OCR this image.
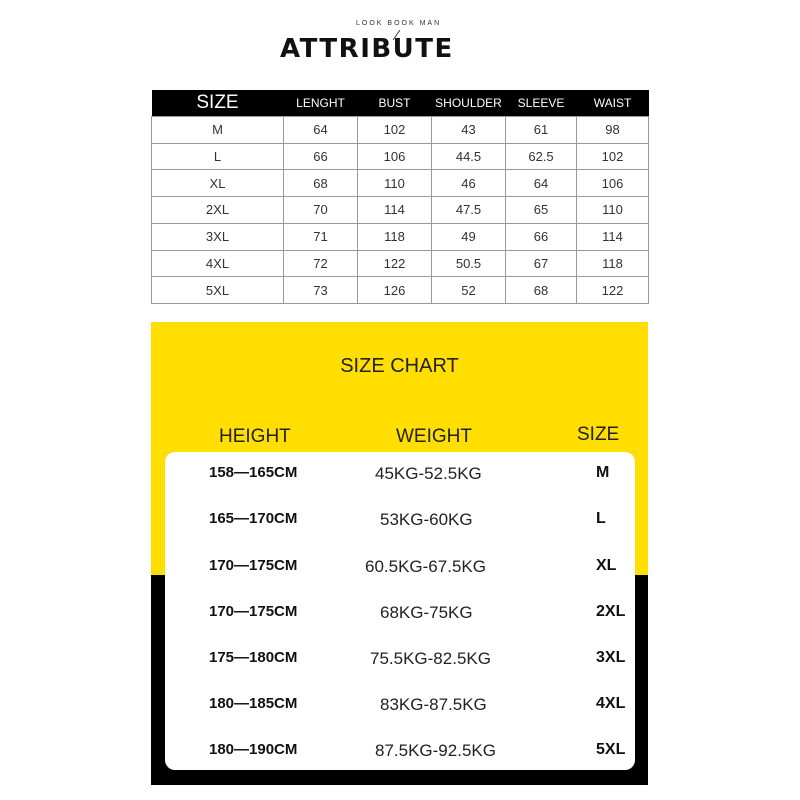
LOOK BOOK MAN
ATTRIBUTE
SIZE	LENGHT	BUST	SHOULDER	SLEEVE	WAIST
M	64	102	43	61	98
L	66	106	44.5	62.5	102
XL	68	110	46	64	106
2XL	70	114	47.5	65	110
3XL	71	118	49	66	114
4XL	72	122	50.5	67	118
5XL	73	126	52	68	122
SIZE CHART
HEIGHT	WEIGHT	SIZE
158—165CM	45KG-52.5KG	M
165—170CM	53KG-60KG	L
170—175CM	60.5KG-67.5KG	XL
170—175CM	68KG-75KG	2XL
175—180CM	75.5KG-82.5KG	3XL
180—185CM	83KG-87.5KG	4XL
180—190CM	87.5KG-92.5KG	5XL
